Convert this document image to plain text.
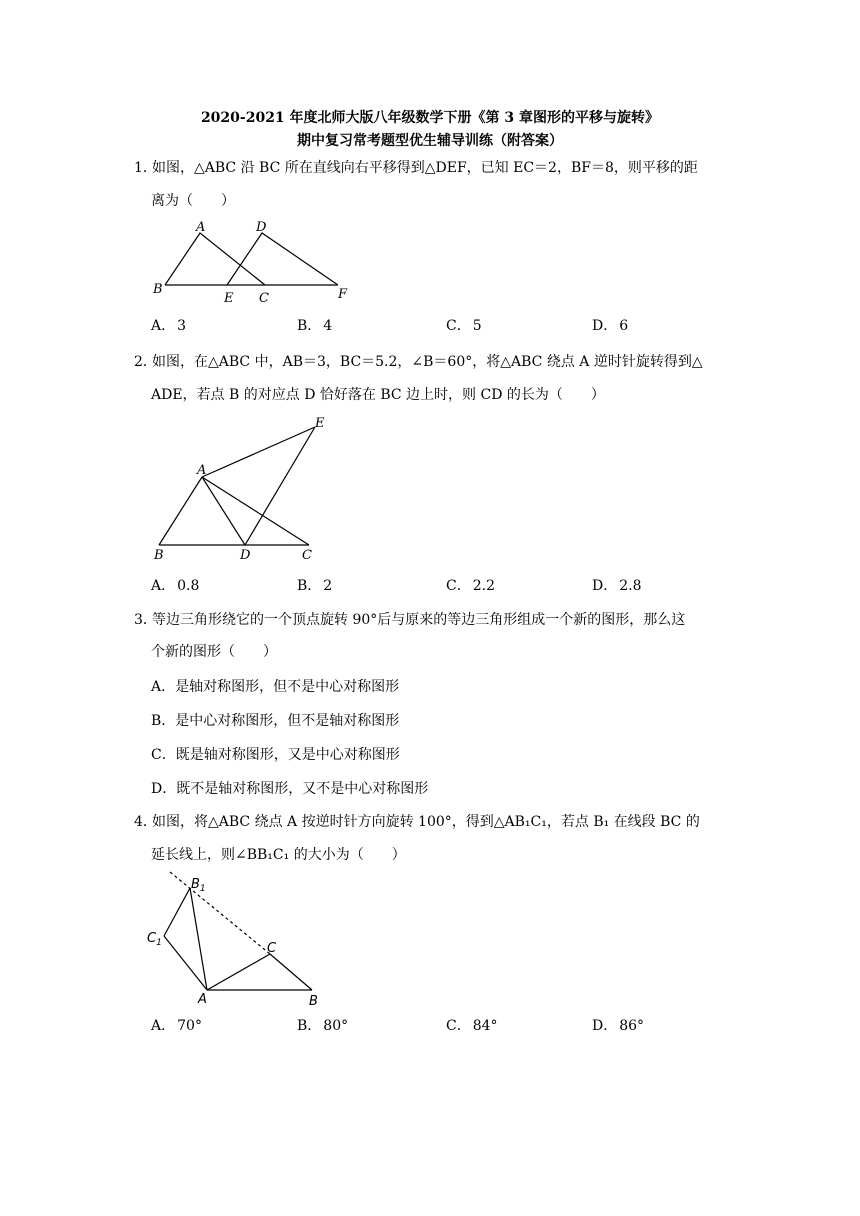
2020-2021 年度北师大版八年级数学下册《第 3 章图形的平移与旋转》
期中复习常考题型优生辅导训练（附答案）
1．如图，△ABC 沿 BC 所在直线向右平移得到△DEF，已知 EC＝2，BF＝8，则平移的距
离为（　　）
A	D
B
E C	F
A． 3	B． 4	C． 5	D． 6
2．如图，在△ABC 中，AB＝3，BC＝5.2，∠B＝60°，将△ABC 绕点 A 逆时针旋转得到△
ADE，若点 B 的对应点 D 恰好落在 BC 边上时，则 CD 的长为（　　）
E
A
B	D	C
A． 0.8	B． 2	C． 2.2	D． 2.8
3．等边三角形绕它的一个顶点旋转 90°后与原来的等边三角形组成一个新的图形，那么这
个新的图形（　　）
A．是轴对称图形，但不是中心对称图形
B．是中心对称图形，但不是轴对称图形
C．既是轴对称图形，又是中心对称图形
D．既不是轴对称图形，又不是中心对称图形
4．如图，将△ABC 绕点 A 按逆时针方向旋转 100°，得到△AB₁C₁，若点 B₁ 在线段 BC 的
延长线上，则∠BB₁C₁ 的大小为（　　）
$B_1$
$C_1$	C
A	B
A． 70°	B． 80°	C． 84°	D． 86°
